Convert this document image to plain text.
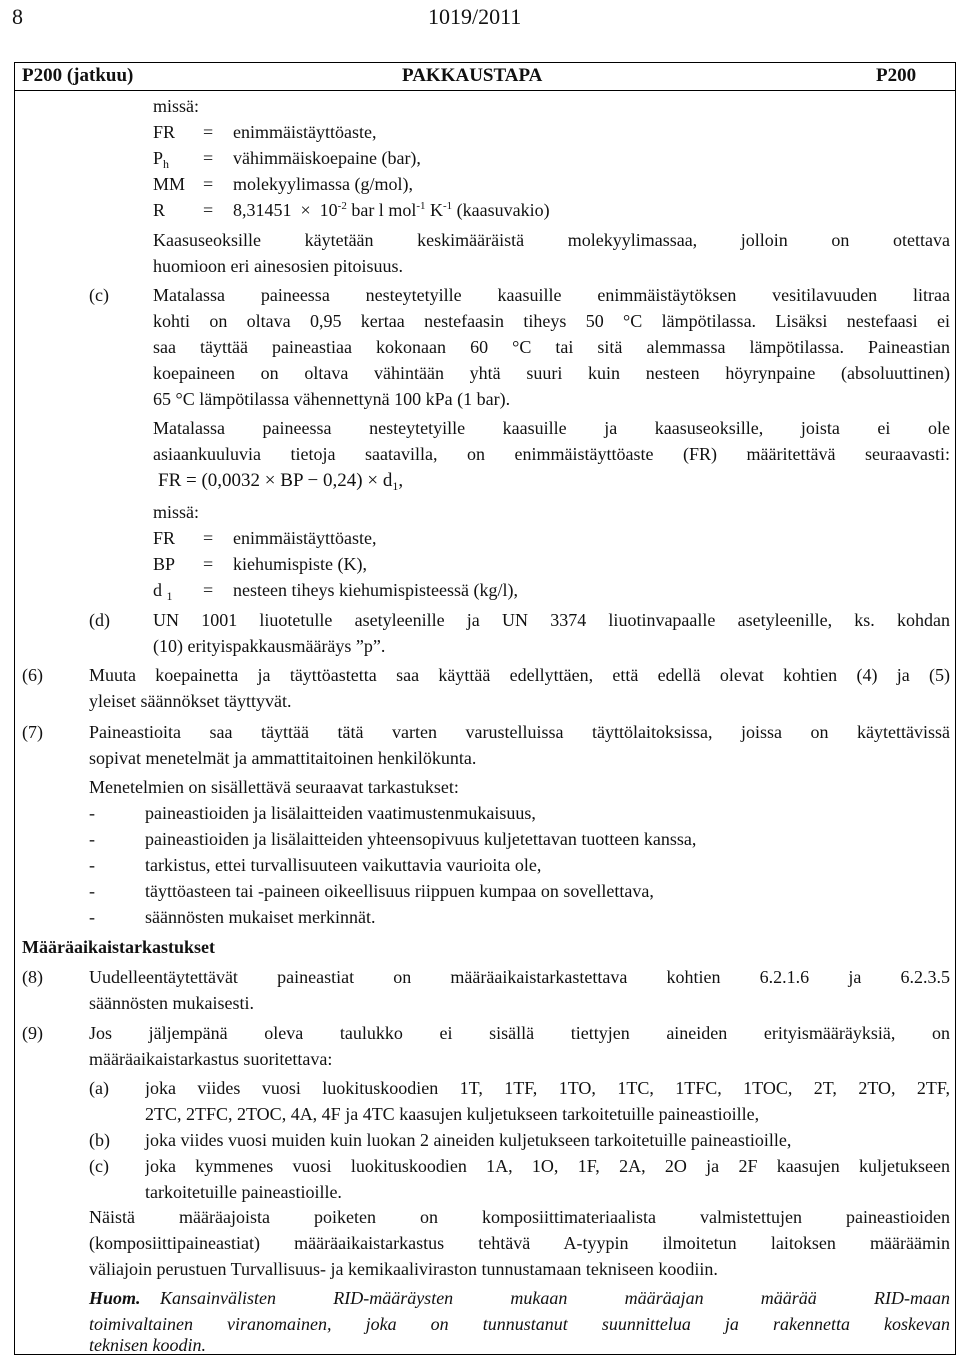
8	1019/2011
P200 (jatkuu)	PAKKAUSTAPA	P200
missä:
FR = enimmäistäyttöaste,
$P_h$ = vähimmäiskoepaine (bar),
MM = molekyylimassa (g/mol),
$R = 8,31451 \times 10^{-2}$ bar l mol$^{-1}$ $K^{-1}$ (kaasuvakio)
Kaasuseoksille käytetään keskimääräistä molekyylimassaa, jolloin on otettava
huomioon eri ainesosien pitoisuus.
(c) Matalassa paineessa nesteytetyille kaasuille enimmäistäytöksen vesitilavuuden litraa
kohti on oltava 0,95 kertaa nestefaasin tiheys 50 °C lämpötilassa. Lisäksi nestefaasi ei
saa täyttää paineastiaa kokonaan 60 °C tai sitä alemmassa lämpötilassa. Paineastian
koepaineen on oltava vähintään yhtä suuri kuin nesteen höyrynpaine (absoluuttinen)
65 °C lämpötilassa vähennettynä 100 kPa (1 bar).
Matalassa paineessa nesteytetyille kaasuille ja kaasuseoksille, joista ei ole
asiaankuuluvia tietoja saatavilla, on enimmäistäyttöaste (FR) määritettävä seuraavasti:
FR = (0,0032 × BP − $0,24) \times d_1$,
missä:
FR = enimmäistäyttöaste,
BP = kiehumispiste (K),
d $_1$ = nesteen tiheys kiehumispisteessä (kg/l),
(d) UN 1001 liuotetulle asetyleenille ja UN 3374 liuotinvapaalle asetyleenille, ks. kohdan
(10) erityispakkausmääräys ”p”.
(6)	Muuta koepainetta ja täyttöastetta saa käyttää edellyttäen, että edellä olevat kohtien (4) ja (5)
yleiset säännökset täyttyvät.
(7)	Paineastioita saa täyttää tätä varten varustelluissa täyttölaitoksissa, joissa on käytettävissä
sopivat menetelmät ja ammattitaitoinen henkilökunta.
Menetelmien on sisällettävä seuraavat tarkastukset:
-	paineastioiden ja lisälaitteiden vaatimustenmukaisuus,
-	paineastioiden ja lisälaitteiden yhteensopivuus kuljetettavan tuotteen kanssa,
-	tarkistus, ettei turvallisuuteen vaikuttavia vaurioita ole,
-	täyttöasteen tai -paineen oikeellisuus riippuen kumpaa on sovellettava,
-	säännösten mukaiset merkinnät.
Määräaikaistarkastukset
(8)	Uudelleentäytettävät paineastiat on määräaikaistarkastettava kohtien 6.2.1.6 ja 6.2.3.5
säännösten mukaisesti.
(9)	Jos jäljempänä oleva taulukko ei sisällä tiettyjen aineiden erityismääräyksiä, on
määräaikaistarkastus suoritettava:
(a) joka viides vuosi luokituskoodien 1T, 1TF, 1TO, 1TC, 1TFC, 1TOC, 2T, 2TO, 2TF,
2TC, 2TFC, 2TOC, 4A, 4F ja 4TC kaasujen kuljetukseen tarkoitetuille paineastioille,
(b) joka viides vuosi muiden kuin luokan 2 aineiden kuljetukseen tarkoitetuille paineastioille,
(c) joka kymmenes vuosi luokituskoodien 1A, 1O, 1F, 2A, 2O ja 2F kaasujen kuljetukseen
tarkoitetuille paineastioille.
Näistä määräajoista poiketen on komposiittimateriaalista valmistettujen paineastioiden
(komposiittipaineastiat) määräaikaistarkastus tehtävä A-tyypin ilmoitetun laitoksen määräämin
väliajoin perustuen Turvallisuus- ja kemikaaliviraston tunnustamaan tekniseen koodiin.
Huom. Kansainvälisten RID-määräysten mukaan määräajan määrää RID-maan
toimivaltainen viranomainen, joka on tunnustanut suunnittelua ja rakennetta koskevan
teknisen koodin.
